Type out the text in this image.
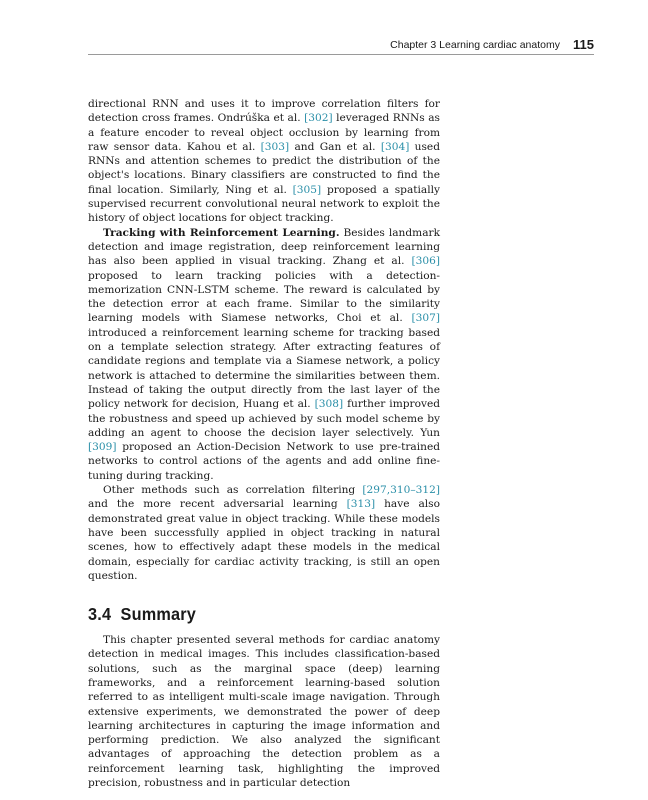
Chapter 3 Learning cardiac anatomy 115

directional RNN and uses it to improve correlation filters for detection cross frames. Ondrúška et al. [302] leveraged RNNs as a feature encoder to reveal object occlusion by learning from raw sensor data. Kahou et al. [303] and Gan et al. [304] used RNNs and attention schemes to predict the distribution of the object's locations. Binary classifiers are constructed to find the final location. Similarly, Ning et al. [305] proposed a spatially supervised recurrent convolutional neural network to exploit the history of object locations for object tracking.

Tracking with Reinforcement Learning. Besides landmark detection and image registration, deep reinforcement learning has also been applied in visual tracking. Zhang et al. [306] proposed to learn tracking policies with a detection-memorization CNN-LSTM scheme. The reward is calculated by the detection error at each frame. Similar to the similarity learning models with Siamese networks, Choi et al. [307] introduced a reinforcement learning scheme for tracking based on a template selection strategy. After extracting features of candidate regions and template via a Siamese network, a policy network is attached to determine the similarities between them. Instead of taking the output directly from the last layer of the policy network for decision, Huang et al. [308] further improved the robustness and speed up achieved by such model scheme by adding an agent to choose the decision layer selectively. Yun [309] proposed an Action-Decision Network to use pre-trained networks to control actions of the agents and add online fine-tuning during tracking.

Other methods such as correlation filtering [297,310–312] and the more recent adversarial learning [313] have also demonstrated great value in object tracking. While these models have been successfully applied in object tracking in natural scenes, how to effectively adapt these models in the medical domain, especially for cardiac activity tracking, is still an open question.

3.4 Summary

This chapter presented several methods for cardiac anatomy detection in medical images. This includes classification-based solutions, such as the marginal space (deep) learning frameworks, and a reinforcement learning-based solution referred to as intelligent multi-scale image navigation. Through extensive experiments, we demonstrated the power of deep learning architectures in capturing the image information and performing prediction. We also analyzed the significant advantages of approaching the detection problem as a reinforcement learning task, highlighting the improved precision, robustness and in particular detection
